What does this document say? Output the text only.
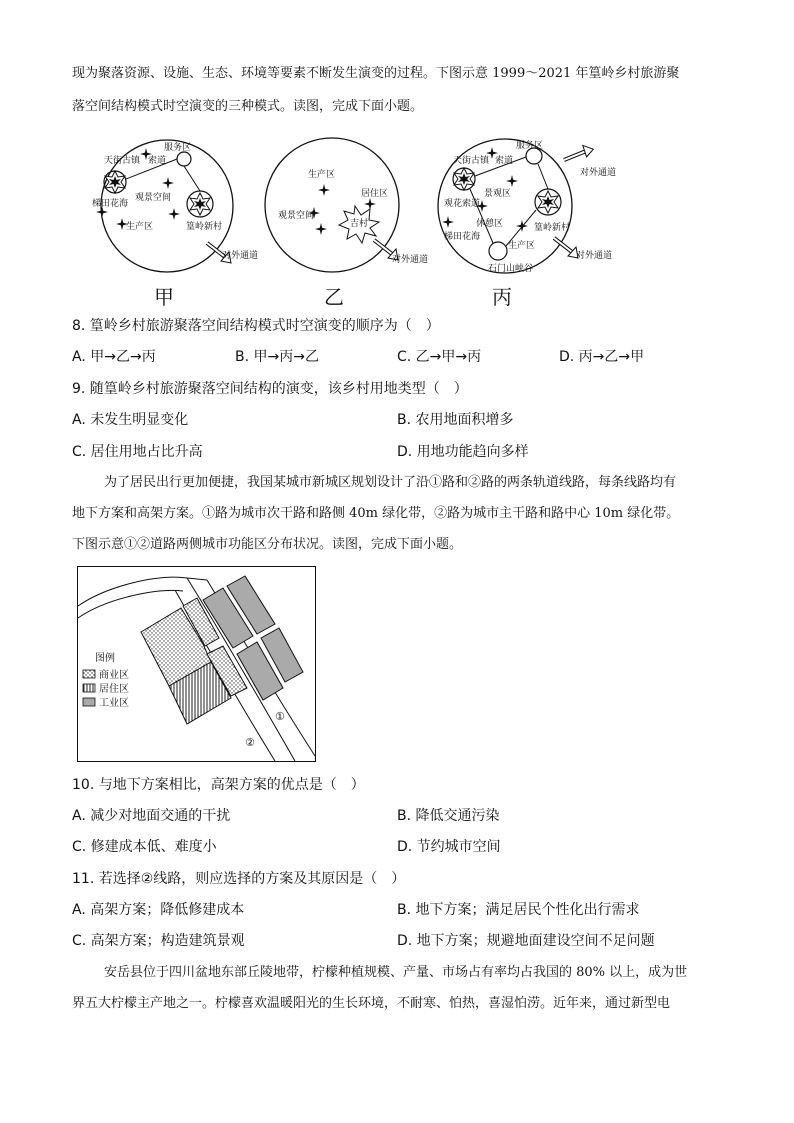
现为聚落资源、设施、生态、环境等要素不断发生演变的过程。下图示意 1999～2021 年篁岭乡村旅游聚
落空间结构模式时空演变的三种模式。读图，完成下面小题。
服务区
天街古镇 索道
观景空间
梯田花海
生产区	篁岭新村
对外通道
甲
生产区
居住区
观景空间
吉村
对外通道
乙
服务区
天街古镇 索道
景观区
观花索道
休憩区
梯田花海
生产区
篁岭新村
石门山峡谷
对外通道
对外通道
丙
8. 篁岭乡村旅游聚落空间结构模式时空演变的顺序为（　）
A. 甲→乙→丙	B. 甲→丙→乙	C. 乙→甲→丙	D. 丙→乙→甲
9. 随篁岭乡村旅游聚落空间结构的演变，该乡村用地类型（　）
A. 未发生明显变化	B. 农用地面积增多
C. 居住用地占比升高	D. 用地功能趋向多样
为了居民出行更加便捷，我国某城市新城区规划设计了沿①路和②路的两条轨道线路，每条线路均有
地下方案和高架方案。①路为城市次干路和路侧 40m 绿化带，②路为城市主干路和路中心 10m 绿化带。
下图示意①②道路两侧城市功能区分布状况。读图，完成下面小题。
图例
商业区
居住区
工业区
①
②
10. 与地下方案相比，高架方案的优点是（　）
A. 减少对地面交通的干扰	B. 降低交通污染
C. 修建成本低、难度小	D. 节约城市空间
11. 若选择②线路，则应选择的方案及其原因是（　）
A. 高架方案；降低修建成本	B. 地下方案；满足居民个性化出行需求
C. 高架方案；构造建筑景观	D. 地下方案；规避地面建设空间不足问题
安岳县位于四川盆地东部丘陵地带，柠檬种植规模、产量、市场占有率均占我国的 80% 以上，成为世
界五大柠檬主产地之一。柠檬喜欢温暖阳光的生长环境，不耐寒、怕热，喜湿怕涝。近年来，通过新型电
